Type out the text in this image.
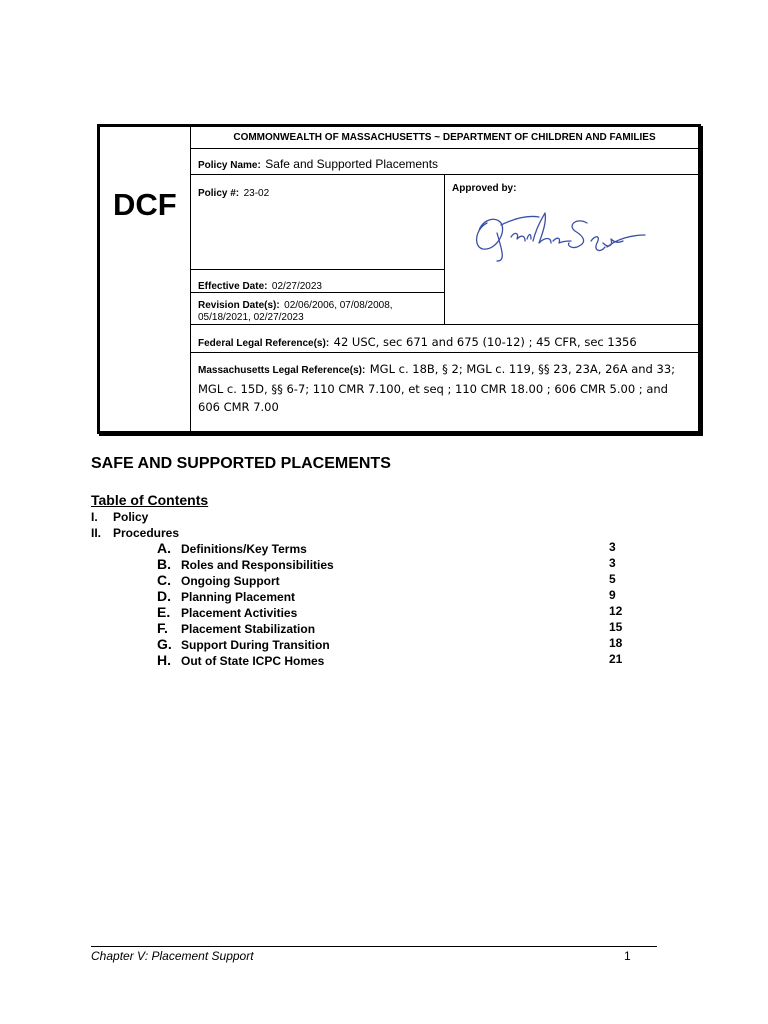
DCF
COMMONWEALTH OF MASSACHUSETTS ~ DEPARTMENT OF CHILDREN AND FAMILIES
Policy Name: Safe and Supported Placements
Policy #: 23-02
Effective Date: 02/27/2023
Revision Date(s): 02/06/2006, 07/08/2008,
05/18/2021, 02/27/2023
Approved by:
Federal Legal Reference(s): 42 USC, sec 671 and 675 (10-12) ; 45 CFR, sec 1356
Massachusetts Legal Reference(s): MGL c. 18B, § 2; MGL c. 119, §§ 23, 23A, 26A and 33; MGL c. 15D, §§ 6-7; 110 CMR 7.100, et seq ; 110 CMR 18.00 ; 606 CMR 5.00 ; and 606 CMR 7.00
SAFE AND SUPPORTED PLACEMENTS
Table of Contents
I. Policy
II. Procedures
A. Definitions/Key Terms	3
B. Roles and Responsibilities	3
C. Ongoing Support	5
D. Planning Placement	9
E. Placement Activities	12
F. Placement Stabilization	15
G. Support During Transition	18
H. Out of State ICPC Homes	21
Chapter V: Placement Support	1
